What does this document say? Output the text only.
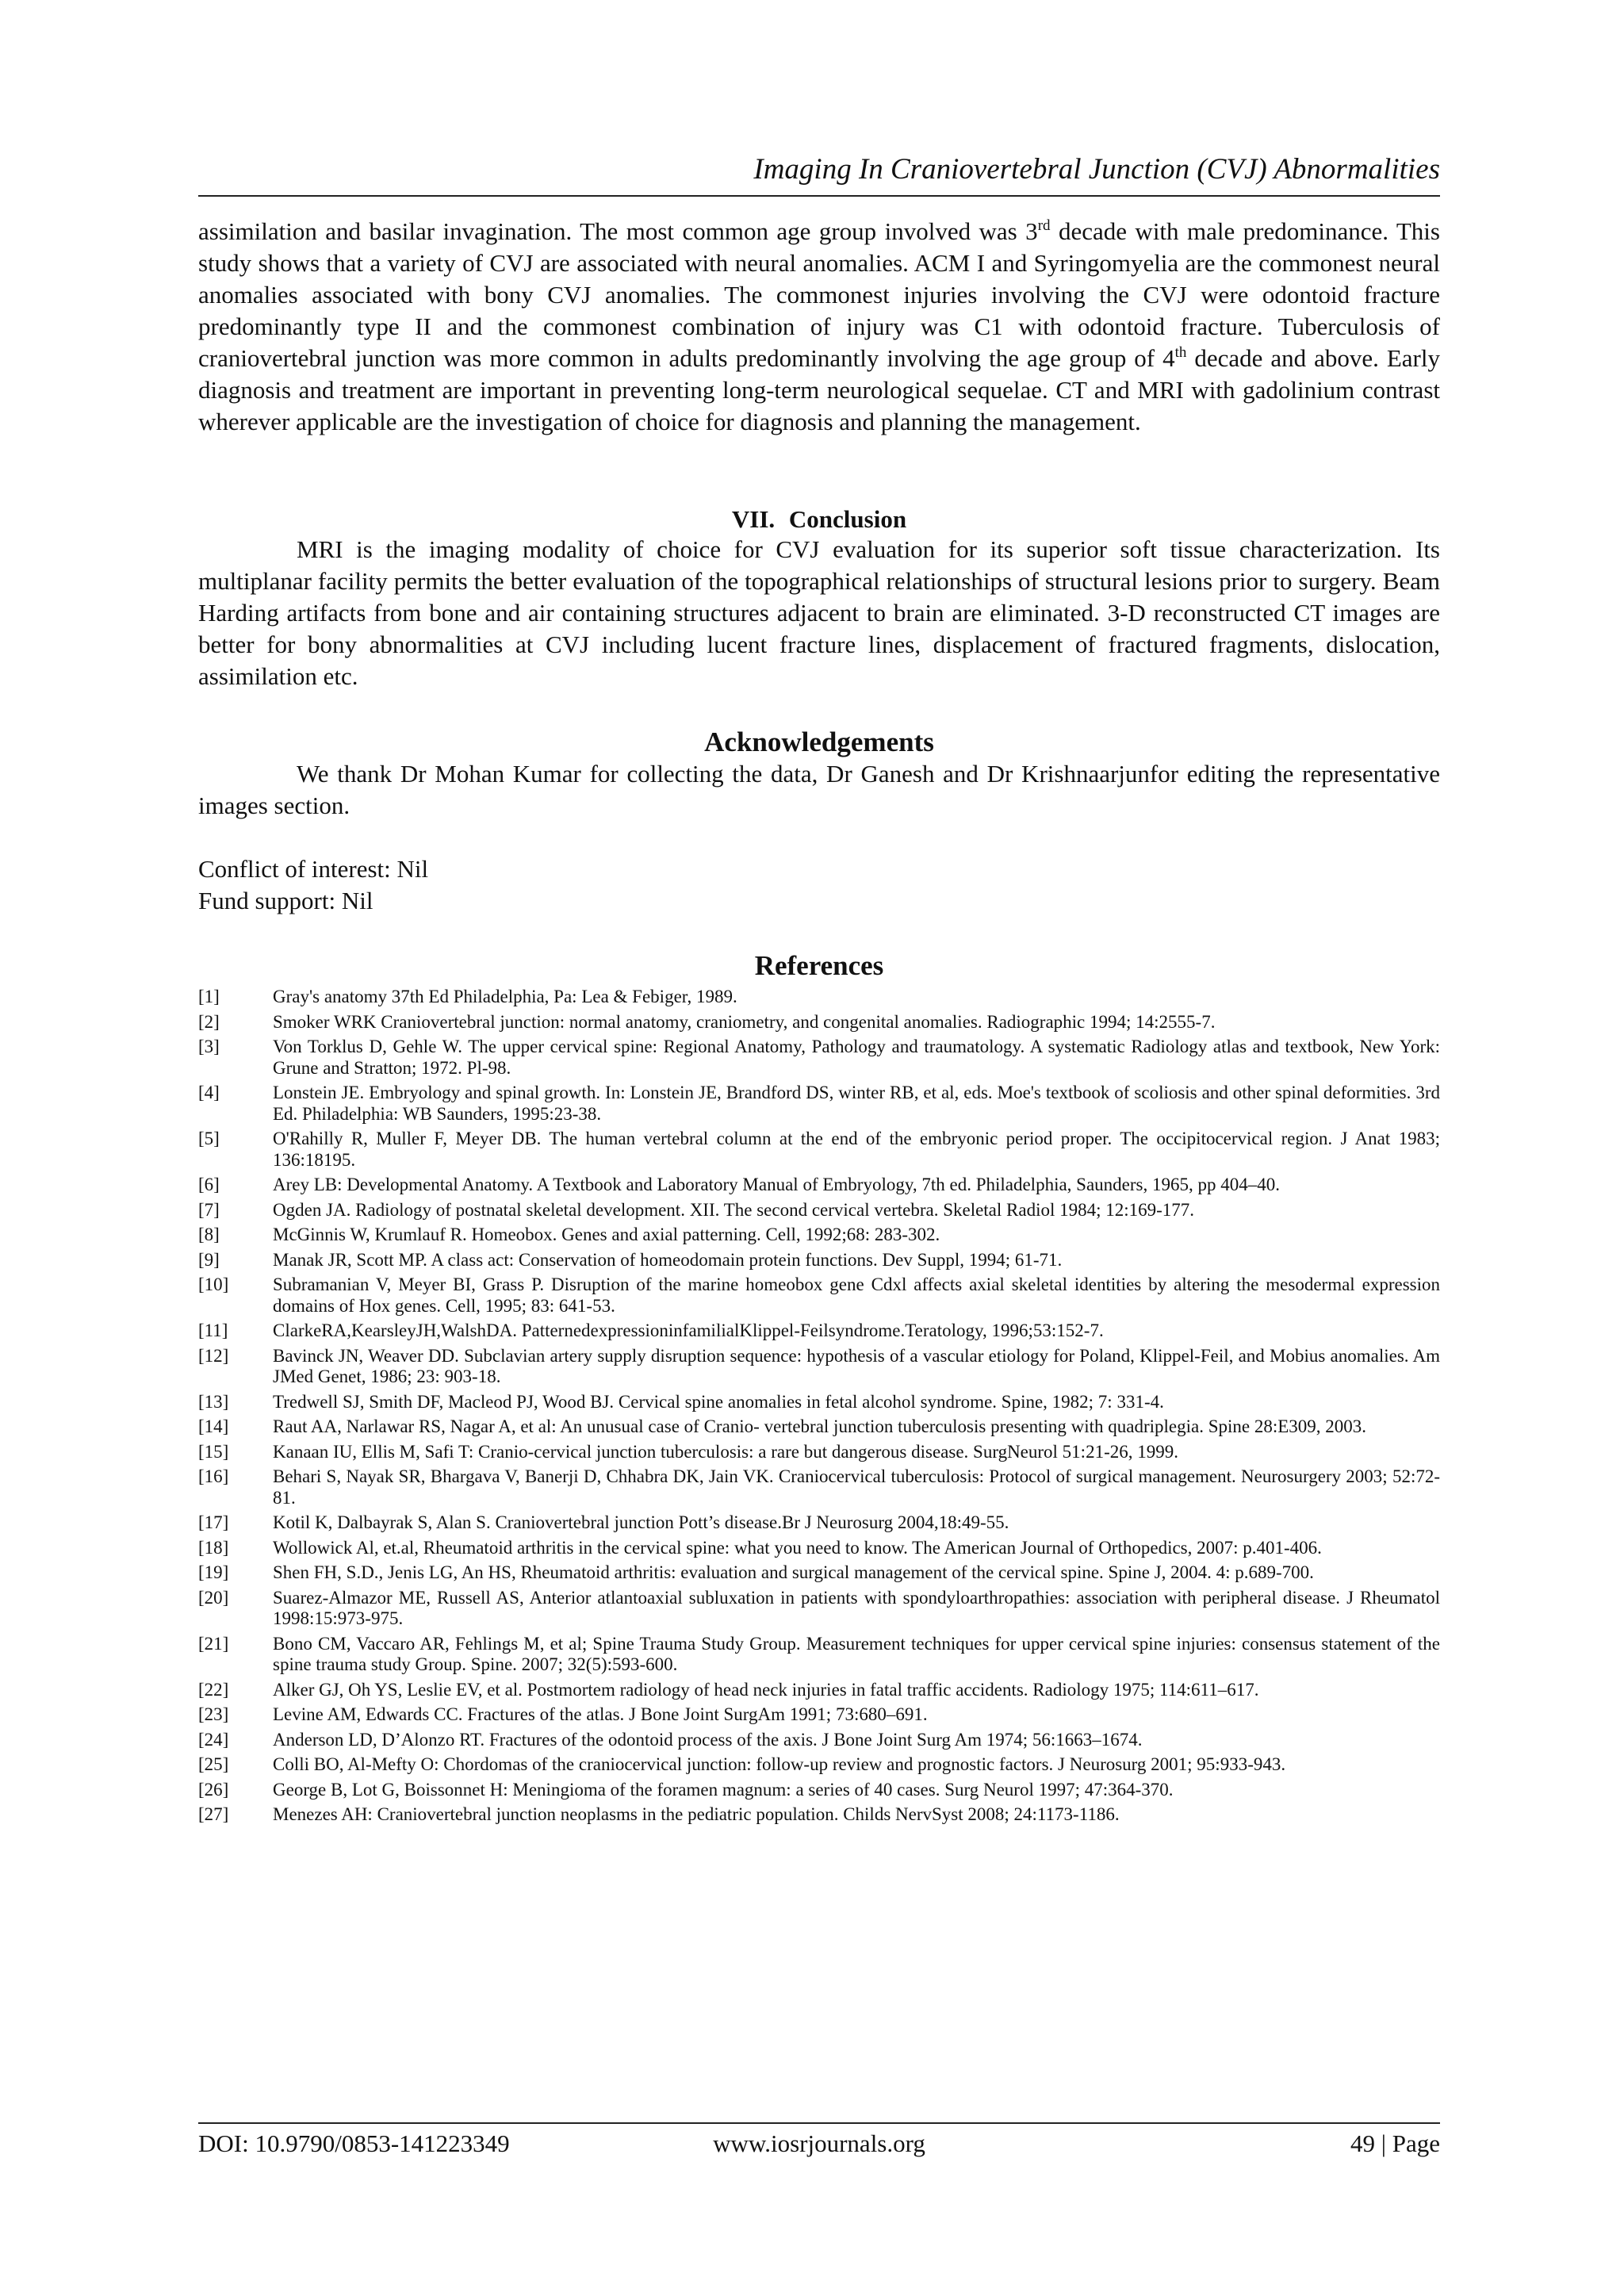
Imaging In Craniovertebral Junction (CVJ) Abnormalities

assimilation and basilar invagination. The most common age group involved was 3rd decade with male predominance. This study shows that a variety of CVJ are associated with neural anomalies. ACM I and Syringomyelia are the commonest neural anomalies associated with bony CVJ anomalies. The commonest injuries involving the CVJ were odontoid fracture predominantly type II and the commonest combination of injury was C1 with odontoid fracture. Tuberculosis of craniovertebral junction was more common in adults predominantly involving the age group of 4th decade and above. Early diagnosis and treatment are important in preventing long-term neurological sequelae. CT and MRI with gadolinium contrast wherever applicable are the investigation of choice for diagnosis and planning the management.

VII. Conclusion

MRI is the imaging modality of choice for CVJ evaluation for its superior soft tissue characterization. Its multiplanar facility permits the better evaluation of the topographical relationships of structural lesions prior to surgery. Beam Harding artifacts from bone and air containing structures adjacent to brain are eliminated. 3-D reconstructed CT images are better for bony abnormalities at CVJ including lucent fracture lines, displacement of fractured fragments, dislocation, assimilation etc.

Acknowledgements

We thank Dr Mohan Kumar for collecting the data, Dr Ganesh and Dr Krishnaarjunfor editing the representative images section.

Conflict of interest: Nil

Fund support: Nil

References
[1]	Gray's anatomy 37th Ed Philadelphia, Pa: Lea & Febiger, 1989.
[2]	Smoker WRK Craniovertebral junction: normal anatomy, craniometry, and congenital anomalies. Radiographic 1994; 14:2555-7.
[3]	Von Torklus D, Gehle W. The upper cervical spine: Regional Anatomy, Pathology and traumatology. A systematic Radiology atlas and textbook, New York: Grune and Stratton; 1972. Pl-98.
[4]	Lonstein JE. Embryology and spinal growth. In: Lonstein JE, Brandford DS, winter RB, et al, eds. Moe's textbook of scoliosis and other spinal deformities. 3rd Ed. Philadelphia: WB Saunders, 1995:23-38.
[5]	O'Rahilly R, Muller F, Meyer DB. The human vertebral column at the end of the embryonic period proper. The occipitocervical region. J Anat 1983; 136:18195.
[6]	Arey LB: Developmental Anatomy. A Textbook and Laboratory Manual of Embryology, 7th ed. Philadelphia, Saunders, 1965, pp 404–40.
[7]	Ogden JA. Radiology of postnatal skeletal development. XII. The second cervical vertebra. Skeletal Radiol 1984; 12:169-177.
[8]	McGinnis W, Krumlauf R. Homeobox. Genes and axial patterning. Cell, 1992;68: 283-302.
[9]	Manak JR, Scott MP. A class act: Conservation of homeodomain protein functions. Dev Suppl, 1994; 61-71.
[10]	Subramanian V, Meyer BI, Grass P. Disruption of the marine homeobox gene Cdxl affects axial skeletal identities by altering the mesodermal expression domains of Hox genes. Cell, 1995; 83: 641-53.
[11]	ClarkeRA,KearsleyJH,WalshDA. PatternedexpressioninfamilialKlippel-Feilsyndrome.Teratology, 1996;53:152-7.
[12]	Bavinck JN, Weaver DD. Subclavian artery supply disruption sequence: hypothesis of a vascular etiology for Poland, Klippel-Feil, and Mobius anomalies. Am JMed Genet, 1986; 23: 903-18.
[13]	Tredwell SJ, Smith DF, Macleod PJ, Wood BJ. Cervical spine anomalies in fetal alcohol syndrome. Spine, 1982; 7: 331-4.
[14]	Raut AA, Narlawar RS, Nagar A, et al: An unusual case of Cranio- vertebral junction tuberculosis presenting with quadriplegia. Spine 28:E309, 2003.
[15]	Kanaan IU, Ellis M, Safi T: Cranio-cervical junction tuberculosis: a rare but dangerous disease. SurgNeurol 51:21-26, 1999.
[16]	Behari S, Nayak SR, Bhargava V, Banerji D, Chhabra DK, Jain VK. Craniocervical tuberculosis: Protocol of surgical management. Neurosurgery 2003; 52:72-81.
[17]	Kotil K, Dalbayrak S, Alan S. Craniovertebral junction Pott’s disease.Br J Neurosurg 2004,18:49-55.
[18]	Wollowick Al, et.al, Rheumatoid arthritis in the cervical spine: what you need to know. The American Journal of Orthopedics, 2007: p.401-406.
[19]	Shen FH, S.D., Jenis LG, An HS, Rheumatoid arthritis: evaluation and surgical management of the cervical spine. Spine J, 2004. 4: p.689-700.
[20]	Suarez-Almazor ME, Russell AS, Anterior atlantoaxial subluxation in patients with spondyloarthropathies: association with peripheral disease. J Rheumatol 1998:15:973-975.
[21]	Bono CM, Vaccaro AR, Fehlings M, et al; Spine Trauma Study Group. Measurement techniques for upper cervical spine injuries: consensus statement of the spine trauma study Group. Spine. 2007; 32(5):593-600.
[22]	Alker GJ, Oh YS, Leslie EV, et al. Postmortem radiology of head neck injuries in fatal traffic accidents. Radiology 1975; 114:611–617.
[23]	Levine AM, Edwards CC. Fractures of the atlas. J Bone Joint SurgAm 1991; 73:680–691.
[24]	Anderson LD, D’Alonzo RT. Fractures of the odontoid process of the axis. J Bone Joint Surg Am 1974; 56:1663–1674.
[25]	Colli BO, Al-Mefty O: Chordomas of the craniocervical junction: follow-up review and prognostic factors. J Neurosurg 2001; 95:933-943.
[26]	George B, Lot G, Boissonnet H: Meningioma of the foramen magnum: a series of 40 cases. Surg Neurol 1997; 47:364-370.
[27]	Menezes AH: Craniovertebral junction neoplasms in the pediatric population. Childs NervSyst 2008; 24:1173-1186.
DOI: 10.9790/0853-141223349	www.iosrjournals.org	49 | Page
